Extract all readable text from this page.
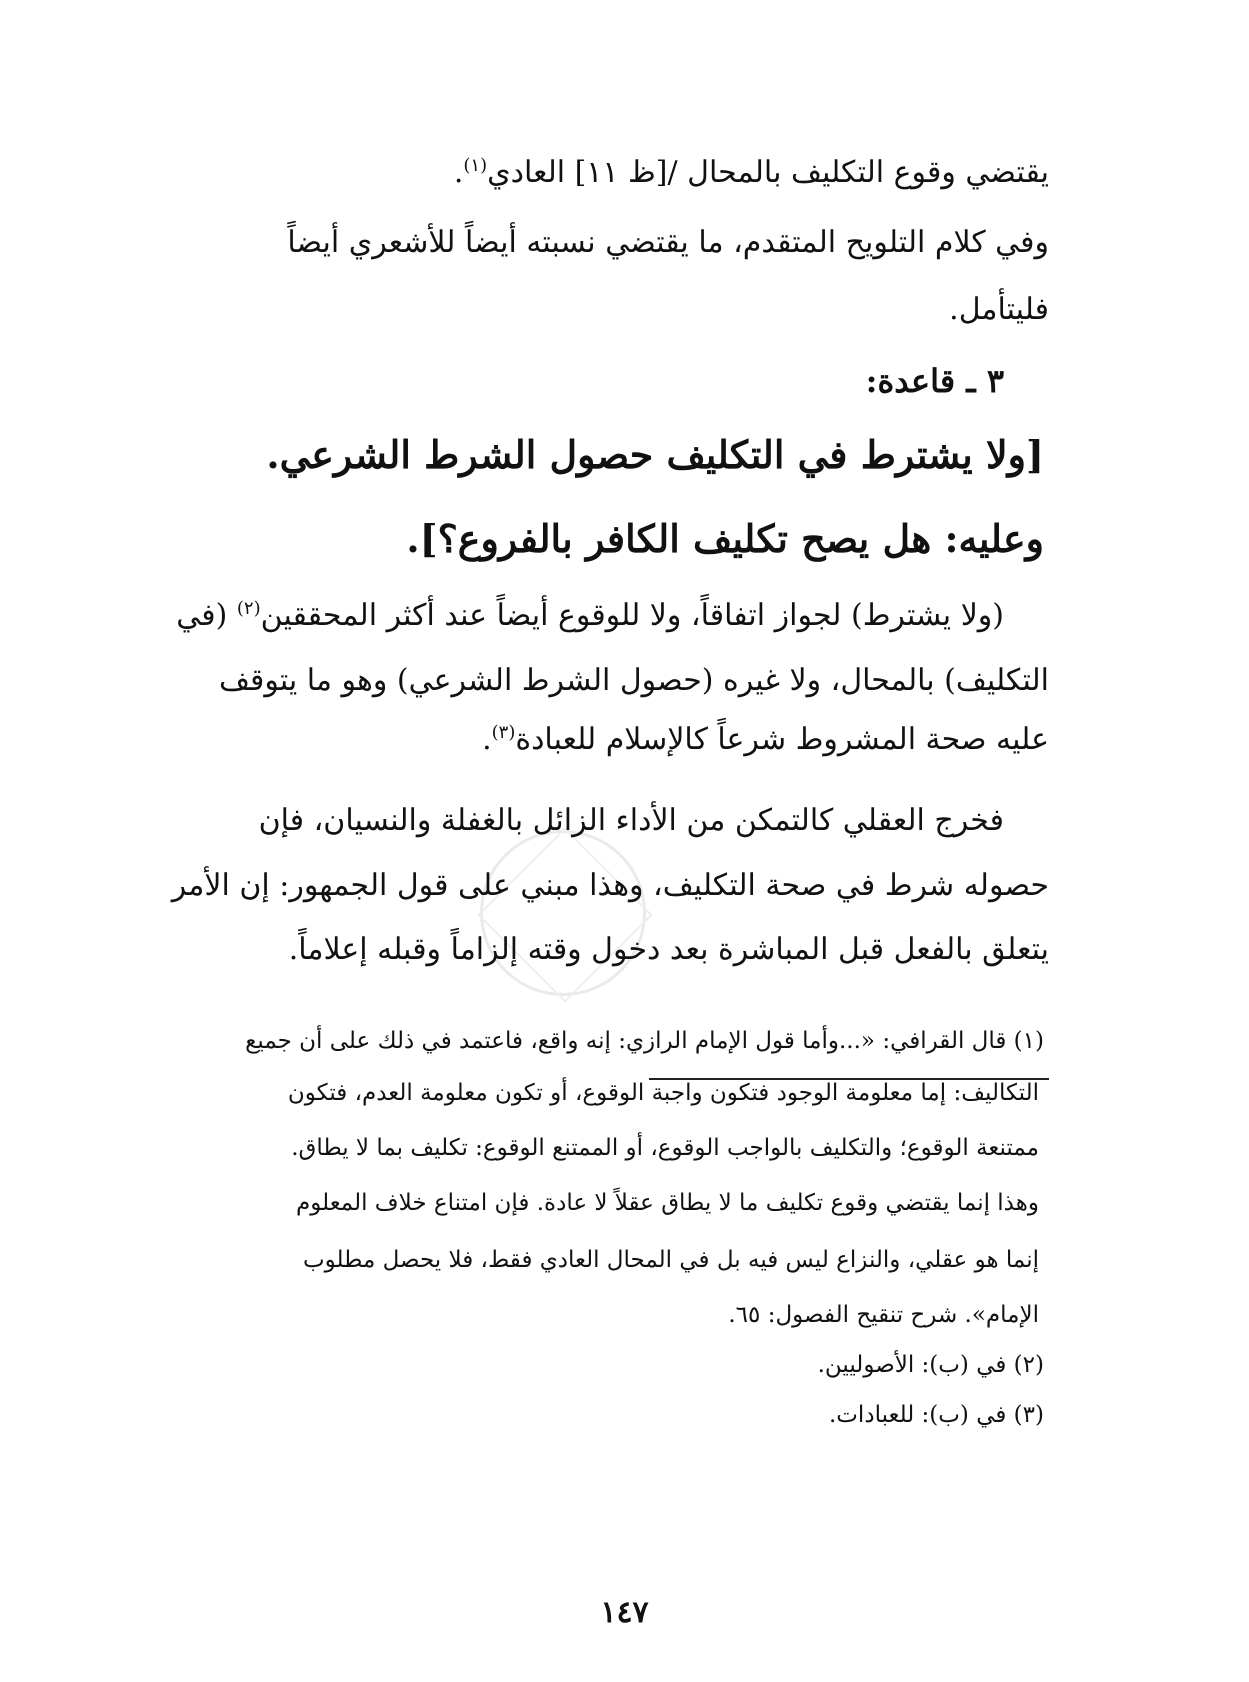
يقتضي وقوع التكليف بالمحال /[ظ ١١] العادي$^{(١)}$.
وفي كلام التلويح المتقدم، ما يقتضي نسبته أيضاً للأشعري أيضاً
فليتأمل.
٣ ـ قاعدة:
[ولا يشترط في التكليف حصول الشرط الشرعي.
وعليه: هل يصح تكليف الكافر بالفروع؟].
(ولا يشترط) لجواز اتفاقاً، ولا للوقوع أيضاً عند أكثر المحققين$^{(٢)}$ (في
التكليف) بالمحال، ولا غيره (حصول الشرط الشرعي) وهو ما يتوقف
عليه صحة المشروط شرعاً كالإسلام للعبادة$^{(٣)}$.
فخرج العقلي كالتمكن من الأداء الزائل بالغفلة والنسيان، فإن
حصوله شرط في صحة التكليف، وهذا مبني على قول الجمهور: إن الأمر
يتعلق بالفعل قبل المباشرة بعد دخول وقته إلزاماً وقبله إعلاماً.
(١) قال القرافي: «...وأما قول الإمام الرازي: إنه واقع، فاعتمد في ذلك على أن جميع
التكاليف: إما معلومة الوجود فتكون واجبة الوقوع، أو تكون معلومة العدم، فتكون
ممتنعة الوقوع؛ والتكليف بالواجب الوقوع، أو الممتنع الوقوع: تكليف بما لا يطاق.
وهذا إنما يقتضي وقوع تكليف ما لا يطاق عقلاً لا عادة. فإن امتناع خلاف المعلوم
إنما هو عقلي، والنزاع ليس فيه بل في المحال العادي فقط، فلا يحصل مطلوب
الإمام». شرح تنقيح الفصول: ٦٥.
(٢) في (ب): الأصوليين.
(٣) في (ب): للعبادات.
١٤٧
